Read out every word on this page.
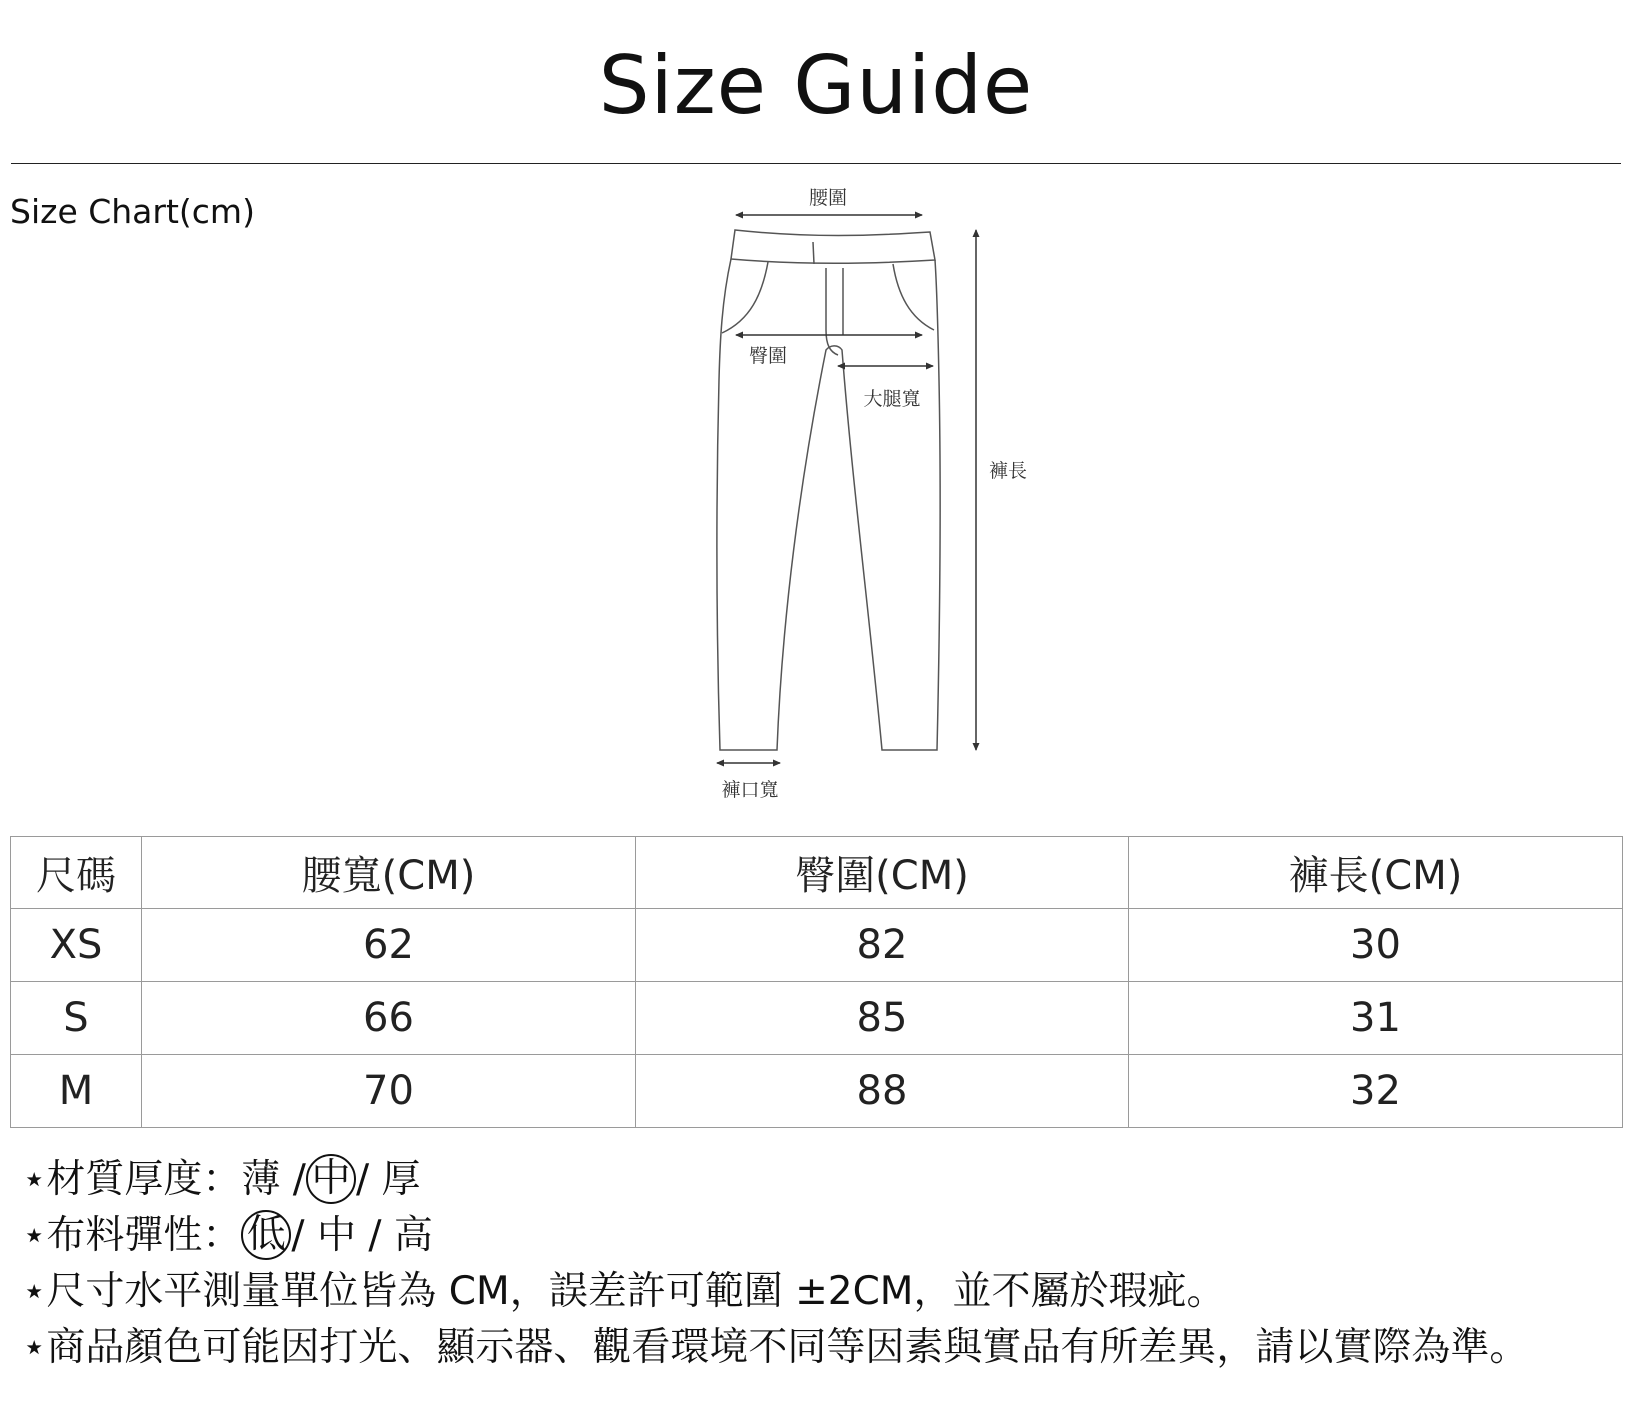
Size Guide
Size Chart(cm)	腰圍
臀圍
大腿寬
褲長
褲口寬
尺碼	腰寬(CM)	臀圍(CM)	褲長(CM)
XS	62	82	30
S	66	85	31
M	70	88	32
⋆材質厚度：薄 / 中 / 厚
⋆布料彈性： 低 / 中 / 高
⋆尺寸水平測量單位皆為 CM，誤差許可範圍 ±2CM，並不屬於瑕疵。
⋆商品顏色可能因打光、顯示器、觀看環境不同等因素與實品有所差異，請以實際為準。
